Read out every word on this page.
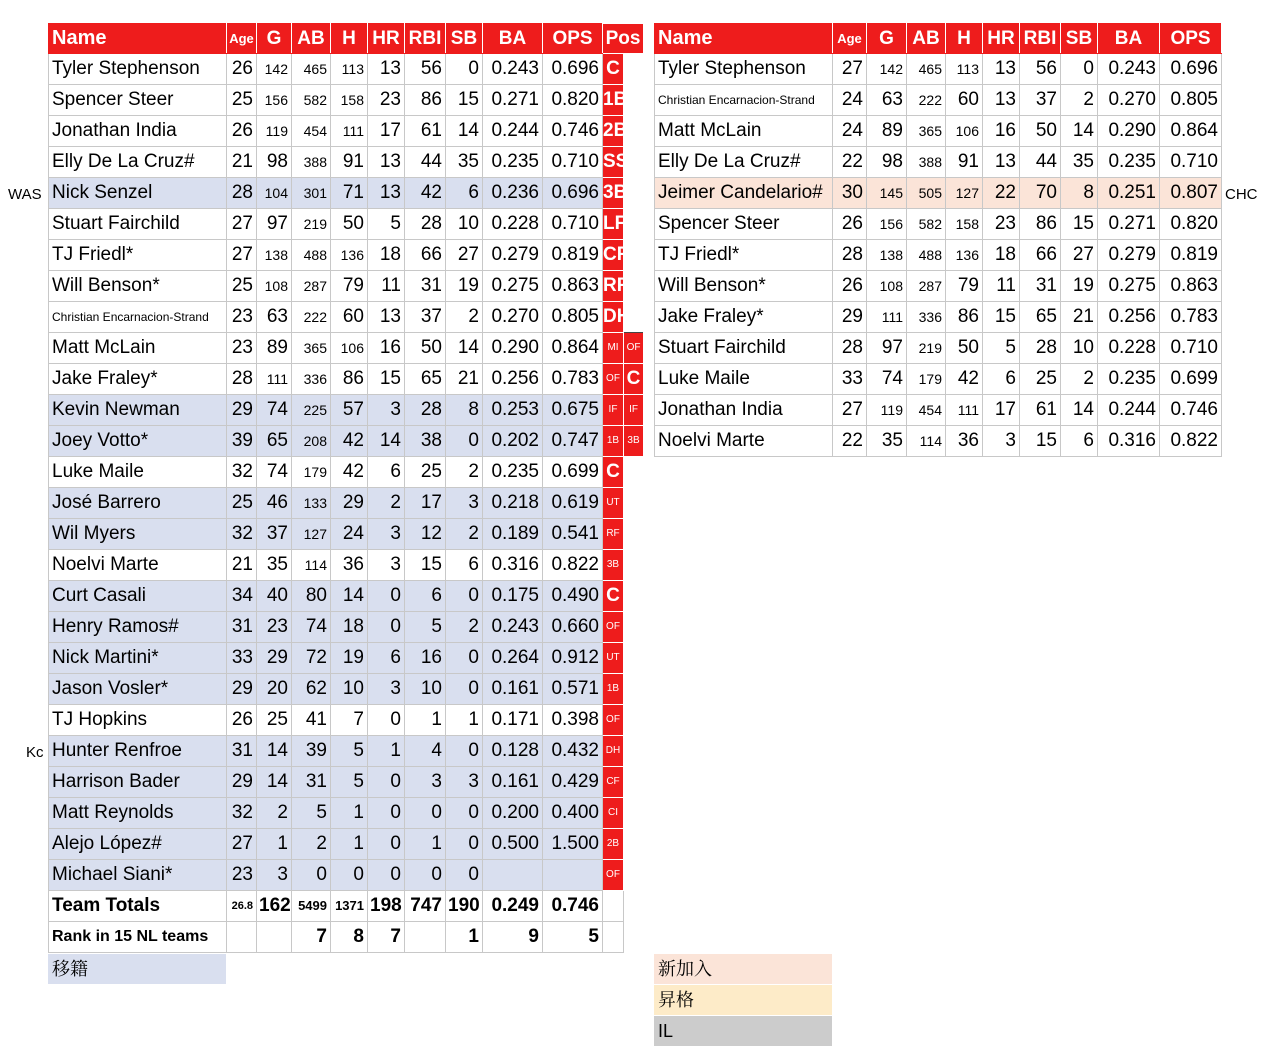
Name	Age	G	AB	H	HR	RBI	SB	BA	OPS	Pos	
Tyler Stephenson	26	142	465	113	13	56	0	0.243	0.696	C	
Spencer Steer	25	156	582	158	23	86	15	0.271	0.820	1B	
Jonathan India	26	119	454	111	17	61	14	0.244	0.746	2B	
Elly De La Cruz#	21	98	388	91	13	44	35	0.235	0.710	SS	
Nick Senzel	28	104	301	71	13	42	6	0.236	0.696	3B	
Stuart Fairchild	27	97	219	50	5	28	10	0.228	0.710	LF	
TJ Friedl*	27	138	488	136	18	66	27	0.279	0.819	CF	
Will Benson*	25	108	287	79	11	31	19	0.275	0.863	RF	
Christian Encarnacion-Strand	23	63	222	60	13	37	2	0.270	0.805	DH	
Matt McLain	23	89	365	106	16	50	14	0.290	0.864	MI	OF
Jake Fraley*	28	111	336	86	15	65	21	0.256	0.783	OF	C
Kevin Newman	29	74	225	57	3	28	8	0.253	0.675	IF	IF
Joey Votto*	39	65	208	42	14	38	0	0.202	0.747	1B	3B
Luke Maile	32	74	179	42	6	25	2	0.235	0.699	C	
José Barrero	25	46	133	29	2	17	3	0.218	0.619	UT	
Wil Myers	32	37	127	24	3	12	2	0.189	0.541	RF	
Noelvi Marte	21	35	114	36	3	15	6	0.316	0.822	3B	
Curt Casali	34	40	80	14	0	6	0	0.175	0.490	C	
Henry Ramos#	31	23	74	18	0	5	2	0.243	0.660	OF	
Nick Martini*	33	29	72	19	6	16	0	0.264	0.912	UT	
Jason Vosler*	29	20	62	10	3	10	0	0.161	0.571	1B	
TJ Hopkins	26	25	41	7	0	1	1	0.171	0.398	OF	
Hunter Renfroe	31	14	39	5	1	4	0	0.128	0.432	DH	
Harrison Bader	29	14	31	5	0	3	3	0.161	0.429	CF	
Matt Reynolds	32	2	5	1	0	0	0	0.200	0.400	CI	
Alejo López#	27	1	2	1	0	1	0	0.500	1.500	2B	
Michael Siani*	23	3	0	0	0	0	0			OF	
Team Totals	26.8	162	5499	1371	198	747	190	0.249	0.746		
Rank in 15 NL teams			7	8	7		1	9	5		
Name	Age	G	AB	H	HR	RBI	SB	BA	OPS
Tyler Stephenson	27	142	465	113	13	56	0	0.243	0.696
Christian Encarnacion-Strand	24	63	222	60	13	37	2	0.270	0.805
Matt McLain	24	89	365	106	16	50	14	0.290	0.864
Elly De La Cruz#	22	98	388	91	13	44	35	0.235	0.710
Jeimer Candelario#	30	145	505	127	22	70	8	0.251	0.807
Spencer Steer	26	156	582	158	23	86	15	0.271	0.820
TJ Friedl*	28	138	488	136	18	66	27	0.279	0.819
Will Benson*	26	108	287	79	11	31	19	0.275	0.863
Jake Fraley*	29	111	336	86	15	65	21	0.256	0.783
Stuart Fairchild	28	97	219	50	5	28	10	0.228	0.710
Luke Maile	33	74	179	42	6	25	2	0.235	0.699
Jonathan India	27	119	454	111	17	61	14	0.244	0.746
Noelvi Marte	22	35	114	36	3	15	6	0.316	0.822
WAS	CHC
Kc
移籍	新加入
昇格
IL
